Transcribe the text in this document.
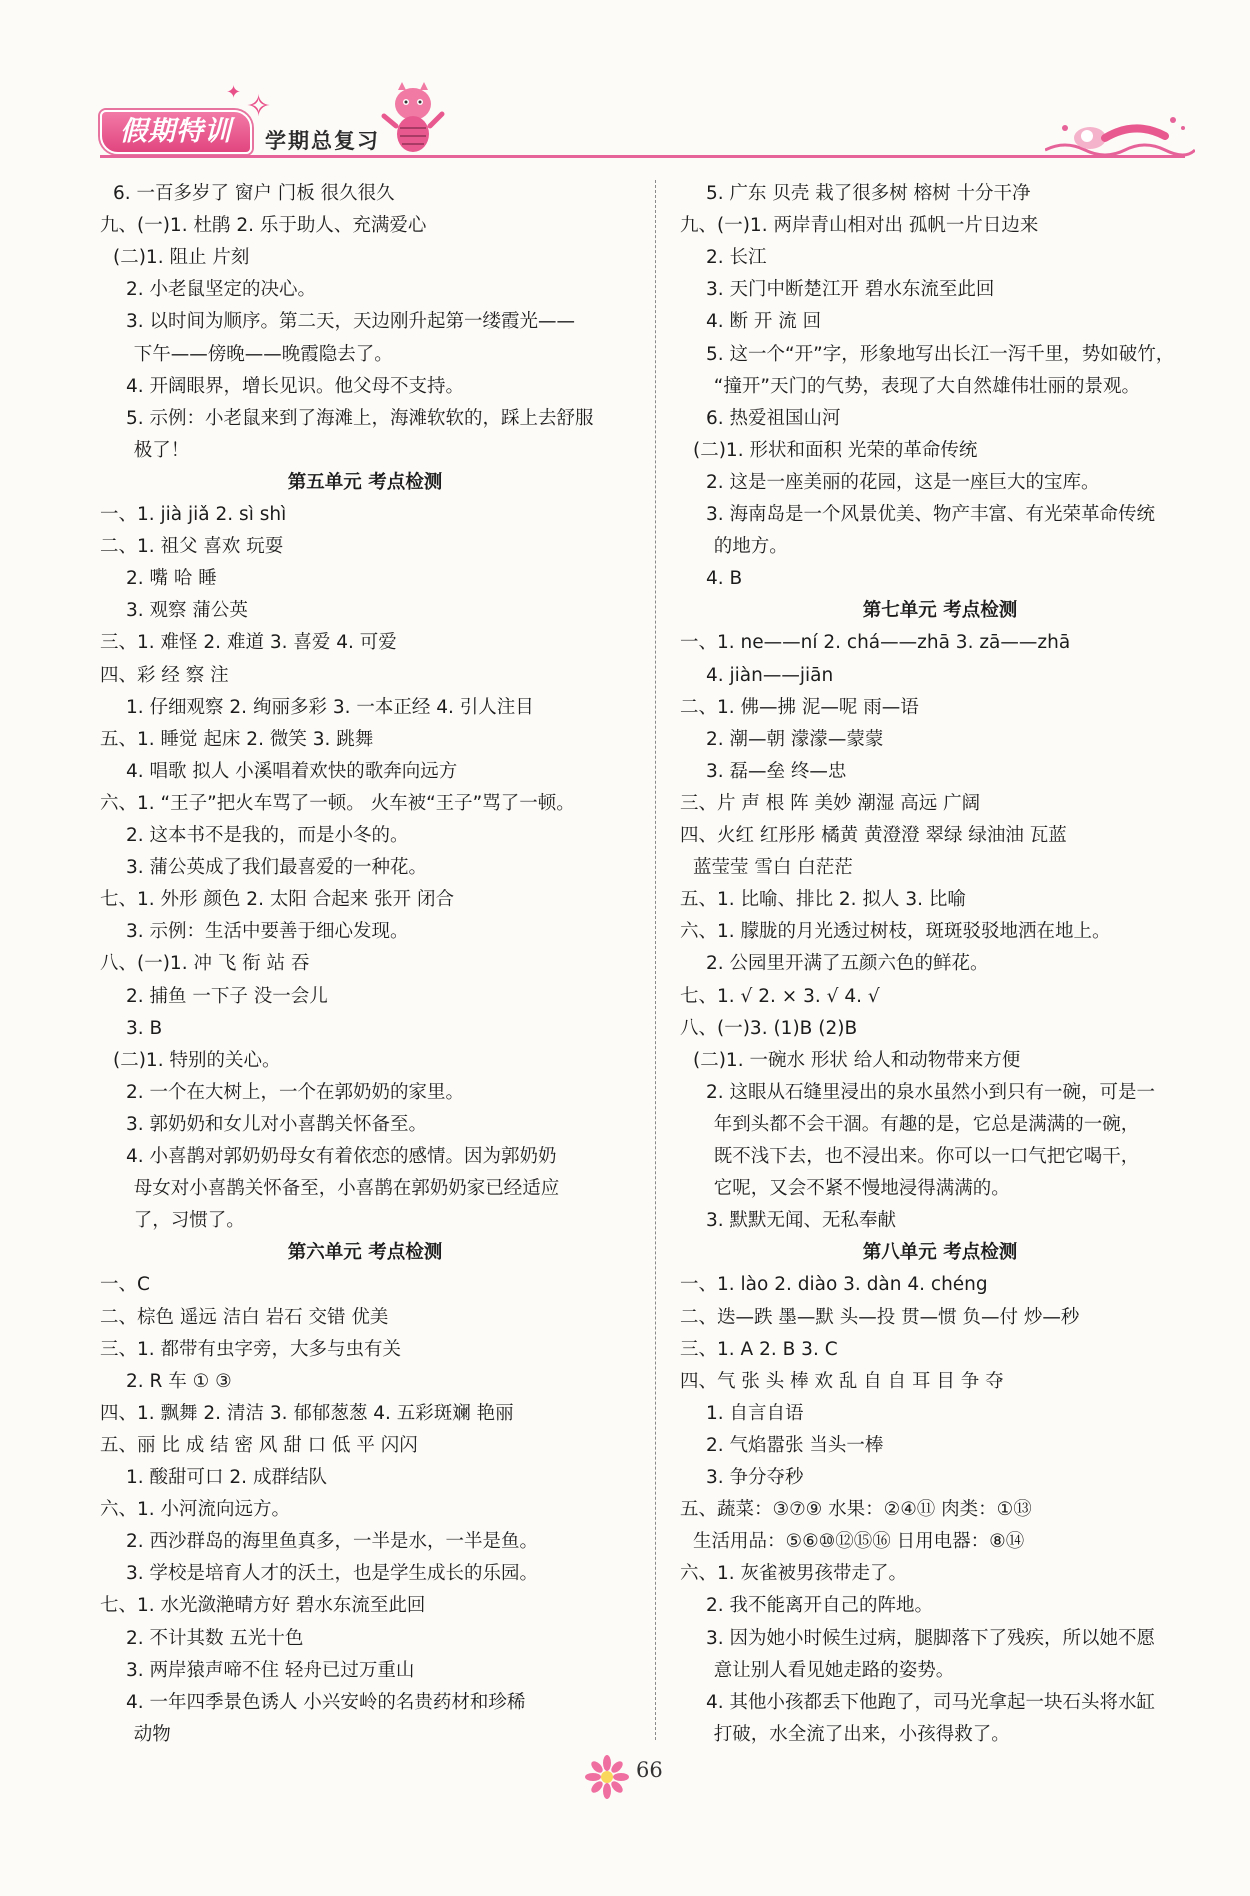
假期特训
✧
✦
学期总复习
6. 一百多岁了 窗户 门板 很久很久
九、(一)1. 杜鹃 2. 乐于助人、充满爱心
(二)1. 阻止 片刻
2. 小老鼠坚定的决心。
3. 以时间为顺序。第二天，天边刚升起第一缕霞光——
下午——傍晚——晚霞隐去了。
4. 开阔眼界，增长见识。他父母不支持。
5. 示例：小老鼠来到了海滩上，海滩软软的，踩上去舒服
极了！
第五单元 考点检测
一、1. jià jiǎ 2. sì shì
二、1. 祖父 喜欢 玩耍
2. 嘴 哈 睡
3. 观察 蒲公英
三、1. 难怪 2. 难道 3. 喜爱 4. 可爱
四、彩 经 察 注
1. 仔细观察 2. 绚丽多彩 3. 一本正经 4. 引人注目
五、1. 睡觉 起床 2. 微笑 3. 跳舞
4. 唱歌 拟人 小溪唱着欢快的歌奔向远方
六、1. “王子”把火车骂了一顿。 火车被“王子”骂了一顿。
2. 这本书不是我的，而是小冬的。
3. 蒲公英成了我们最喜爱的一种花。
七、1. 外形 颜色 2. 太阳 合起来 张开 闭合
3. 示例：生活中要善于细心发现。
八、(一)1. 冲 飞 衔 站 吞
2. 捕鱼 一下子 没一会儿
3. B
(二)1. 特别的关心。
2. 一个在大树上，一个在郭奶奶的家里。
3. 郭奶奶和女儿对小喜鹊关怀备至。
4. 小喜鹊对郭奶奶母女有着依恋的感情。因为郭奶奶
母女对小喜鹊关怀备至，小喜鹊在郭奶奶家已经适应
了，习惯了。
第六单元 考点检测
一、C
二、棕色 遥远 洁白 岩石 交错 优美
三、1. 都带有虫字旁，大多与虫有关
2. R 车 ① ③
四、1. 飘舞 2. 清洁 3. 郁郁葱葱 4. 五彩斑斓 艳丽
五、丽 比 成 结 密 风 甜 口 低 平 闪闪
1. 酸甜可口 2. 成群结队
六、1. 小河流向远方。
2. 西沙群岛的海里鱼真多，一半是水，一半是鱼。
3. 学校是培育人才的沃土，也是学生成长的乐园。
七、1. 水光潋滟晴方好 碧水东流至此回
2. 不计其数 五光十色
3. 两岸猿声啼不住 轻舟已过万重山
4. 一年四季景色诱人 小兴安岭的名贵药材和珍稀
动物
5. 广东 贝壳 栽了很多树 榕树 十分干净
九、(一)1. 两岸青山相对出 孤帆一片日边来
2. 长江
3. 天门中断楚江开 碧水东流至此回
4. 断 开 流 回
5. 这一个“开”字，形象地写出长江一泻千里，势如破竹，
“撞开”天门的气势，表现了大自然雄伟壮丽的景观。
6. 热爱祖国山河
(二)1. 形状和面积 光荣的革命传统
2. 这是一座美丽的花园，这是一座巨大的宝库。
3. 海南岛是一个风景优美、物产丰富、有光荣革命传统
的地方。
4. B
第七单元 考点检测
一、1. ne——ní 2. chá——zhā 3. zā——zhā
4. jiàn——jiān
二、1. 佛—拂 泥—呢 雨—语
2. 潮—朝 濛濛—蒙蒙
3. 磊—垒 终—忠
三、片 声 根 阵 美妙 潮湿 高远 广阔
四、火红 红彤彤 橘黄 黄澄澄 翠绿 绿油油 瓦蓝
蓝莹莹 雪白 白茫茫
五、1. 比喻、排比 2. 拟人 3. 比喻
六、1. 朦胧的月光透过树枝，斑斑驳驳地洒在地上。
2. 公园里开满了五颜六色的鲜花。
七、1. √ 2. × 3. √ 4. √
八、(一)3. (1)B (2)B
(二)1. 一碗水 形状 给人和动物带来方便
2. 这眼从石缝里浸出的泉水虽然小到只有一碗，可是一
年到头都不会干涸。有趣的是，它总是满满的一碗，
既不浅下去，也不浸出来。你可以一口气把它喝干，
它呢，又会不紧不慢地浸得满满的。
3. 默默无闻、无私奉献
第八单元 考点检测
一、1. lào 2. diào 3. dàn 4. chéng
二、迭—跌 墨—默 头—投 贯—惯 负—付 炒—秒
三、1. A 2. B 3. C
四、气 张 头 棒 欢 乱 自 自 耳 目 争 夺
1. 自言自语
2. 气焰嚣张 当头一棒
3. 争分夺秒
五、蔬菜：③⑦⑨ 水果：②④⑪ 肉类：①⑬
生活用品：⑤⑥⑩⑫⑮⑯ 日用电器：⑧⑭
六、1. 灰雀被男孩带走了。
2. 我不能离开自己的阵地。
3. 因为她小时候生过病，腿脚落下了残疾，所以她不愿
意让别人看见她走路的姿势。
4. 其他小孩都丢下他跑了，司马光拿起一块石头将水缸
打破，水全流了出来，小孩得救了。
66
